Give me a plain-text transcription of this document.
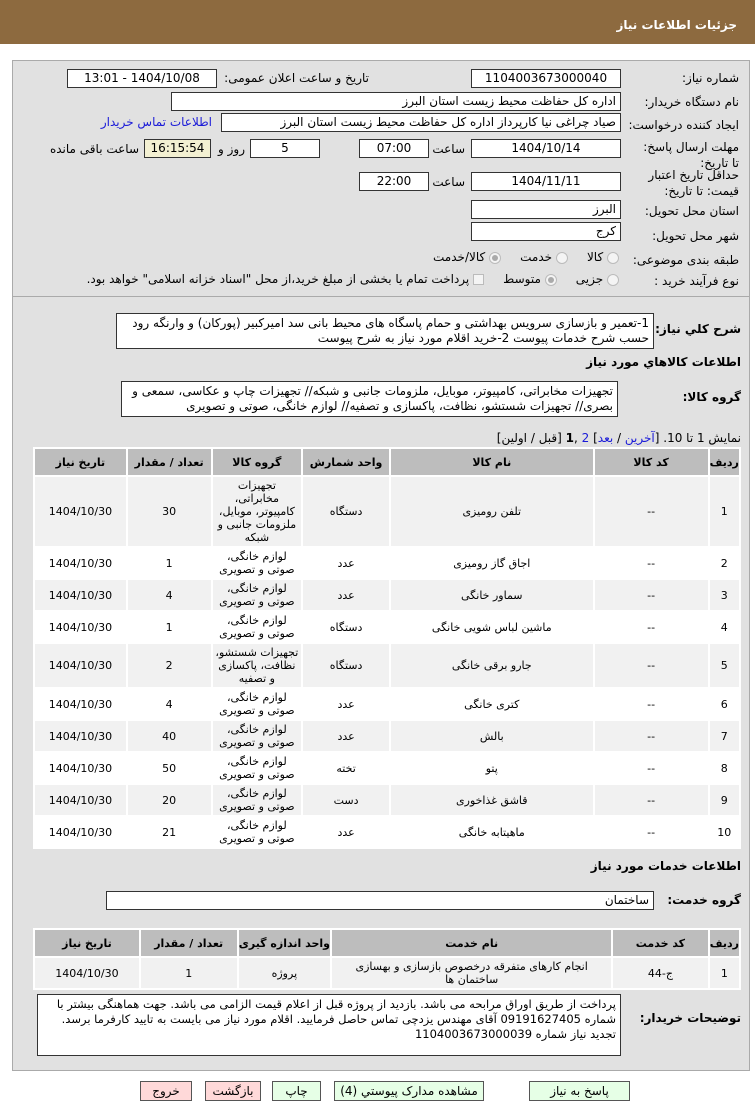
جزئیات اطلاعات نیاز
شماره نیاز:
1104003673000040
تاریخ و ساعت اعلان عمومی:
1404/10/08 - 13:01
نام دستگاه خریدار:
اداره کل حفاظت محیط زیست استان البرز
ایجاد کننده درخواست:
صیاد چراغی نیا کارپرداز اداره کل حفاظت محیط زیست استان البرز
اطلاعات تماس خریدار
مهلت ارسال پاسخ: تا تاریخ:
1404/10/14
ساعت
07:00
5
روز و
16:15:54
ساعت باقی مانده
حداقل تاریخ اعتبار قیمت: تا تاریخ:
1404/11/11
ساعت
22:00
استان محل تحویل:
البرز
شهر محل تحویل:
کرج
طبقه بندی موضوعی:
کالا      خدمت      کالا/خدمت
نوع فرآیند خرید :
جزیی      متوسط      پرداخت تمام یا بخشی از مبلغ خرید،از محل "اسناد خزانه اسلامی" خواهد بود.
شرح کلي نياز:
1-تعمیر و بازسازی سرویس بهداشتی و حمام پاسگاه های محیط بانی سد امیرکبیر (پورکان) و وارنگه رود حسب شرح خدمات پیوست 2-خرید اقلام مورد نیاز به شرح پیوست
اطلاعات کالاهاي مورد نياز
گروه کالا:
تجهیزات مخابراتی، کامپیوتر، موبایل، ملزومات جانبی و شبکه// تجهیزات چاپ و عکاسی، سمعی و بصری// تجهیزات شستشو، نظافت، پاکسازی و تصفیه// لوازم خانگی، صوتی و تصویری
نمایش 1 تا 10. [آخرین / بعد] 2 ,1 [قبل / اولین]
ردیف	کد کالا	نام کالا	واحد شمارش	گروه کالا	تعداد / مقدار	تاریخ نیاز
1	--	تلفن رومیزی	دستگاه	تجهیزات مخابراتی، کامپیوتر، موبایل، ملزومات جانبی و شبکه	30	1404/10/30
2	--	اجاق گاز رومیزی	عدد	لوازم خانگی، صوتی و تصویری	1	1404/10/30
3	--	سماور خانگی	عدد	لوازم خانگی، صوتی و تصویری	4	1404/10/30
4	--	ماشین لباس شویی خانگی	دستگاه	لوازم خانگی، صوتی و تصویری	1	1404/10/30
5	--	جارو برقی خانگی	دستگاه	تجهیزات شستشو، نظافت، پاکسازی و تصفیه	2	1404/10/30
6	--	کتری خانگی	عدد	لوازم خانگی، صوتی و تصویری	4	1404/10/30
7	--	بالش	عدد	لوازم خانگی، صوتی و تصویری	40	1404/10/30
8	--	پتو	تخته	لوازم خانگی، صوتی و تصویری	50	1404/10/30
9	--	قاشق غذاخوری	دست	لوازم خانگی، صوتی و تصویری	20	1404/10/30
10	--	ماهیتابه خانگی	عدد	لوازم خانگی، صوتی و تصویری	21	1404/10/30
اطلاعات خدمات مورد نياز
گروه خدمت:
ساختمان
ردیف	کد خدمت	نام خدمت	واحد اندازه گیری	تعداد / مقدار	تاریخ نیاز
1	ج-44	انجام کارهای متفرقه درخصوص بازسازی و بهسازی ساختمان ها	پروژه	1	1404/10/30
توضیحات خریدار:
پرداخت از طریق اوراق مرابحه می باشد. بازدید از پروژه قبل از اعلام قیمت الزامی می باشد. جهت هماهنگی بیشتر با شماره 09191627405 آقای مهندس یزدچی تماس حاصل فرمایید. اقلام مورد نیاز می بایست به تایید کارفرما برسد. تجدید نیاز شماره 1104003673000039
پاسخ به نیاز
مشاهده مدارک پیوستي (4)
چاپ
بازگشت
خروج
